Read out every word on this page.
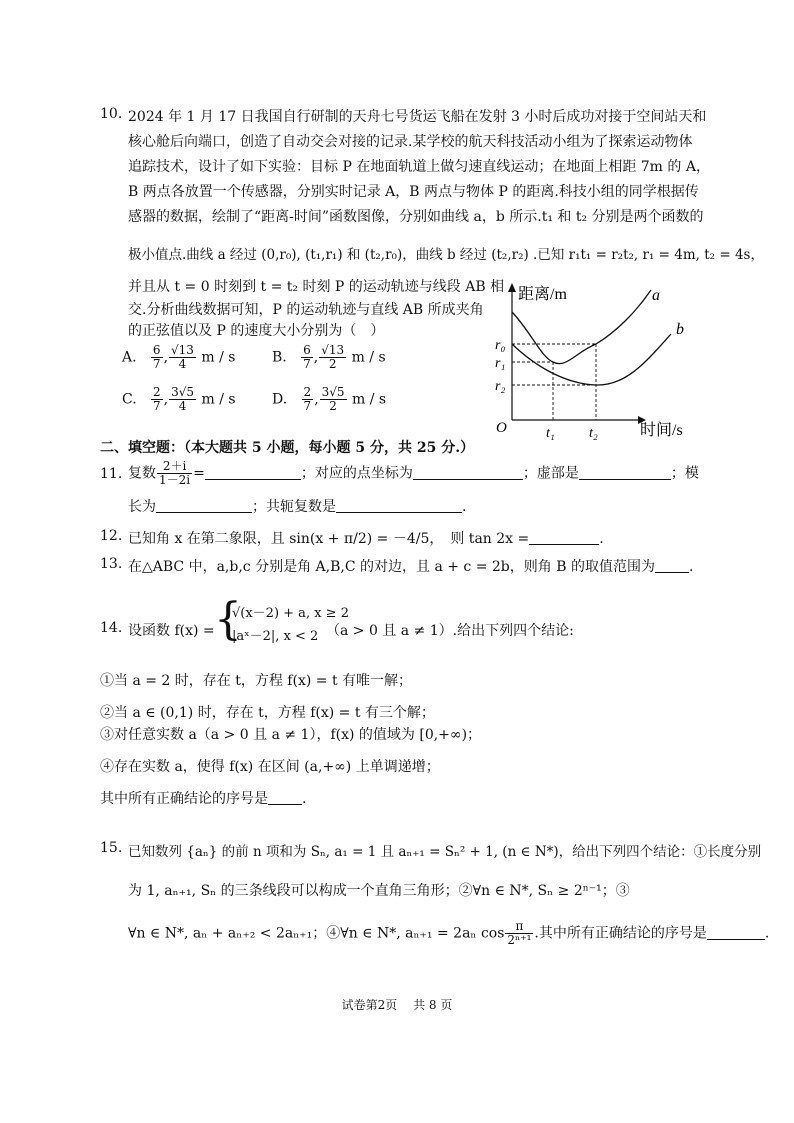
10. 2024 年 1 月 17 日我国自行研制的天舟七号货运飞船在发射 3 小时后成功对接于空间站天和
核心舱后向端口，创造了自动交会对接的记录.某学校的航天科技活动小组为了探索运动物体
追踪技术，设计了如下实验：目标 P 在地面轨道上做匀速直线运动；在地面上相距 7m 的 A，
B 两点各放置一个传感器，分别实时记录 A，B 两点与物体 P 的距离.科技小组的同学根据传
感器的数据，绘制了“距离-时间”函数图像，分别如曲线 a，b 所示.t₁ 和 t₂ 分别是两个函数的
极小值点.曲线 a 经过 (0,r₀), (t₁,r₁) 和 (t₂,r₀)，曲线 b 经过 (t₂,r₂) .已知 r₁t₁ = r₂t₂, r₁ = 4m, t₂ = 4s，
并且从 t = 0 时刻到 t = t₂ 时刻 P 的运动轨迹与线段 AB 相
交.分析曲线数据可知，P 的运动轨迹与直线 AB 所成夹角
的正弦值以及 P 的速度大小分别为（　）
A. $\frac{6}{7}$ , $\frac{√13}{4}$ m / s	B. $\frac{6}{7}$ , $\frac{√13}{2}$ m / s
C. $\frac{2}{7}$ , $\frac{3√5}{4}$ m / s	D. $\frac{2}{7}$ , $\frac{3√5}{2}$ m / s
距离/m
时间/s
O
a
b
r₀
r₁
r₂
t₁ t₂
二、填空题：（本大题共 5 小题，每小题 5 分，共 25 分.）
11. 复数 $\frac{2+i}{1-2i}$ =	；对应的点坐标为	；虚部是	；模
长为	；共轭复数是	.
12. 已知角 x 在第二象限，且 sin(x + π/2) = －4/5，　则 tan 2x =	.
13. 在△ABC 中，a,b,c 分别是角 A,B,C 的对边，且 a + c = 2b，则角 B 的取值范围为 .
14. 设函数 f(x) = {
√(x－2) + a, x ≥ 2
|aˣ－2|, x < 2 （a > 0 且 a ≠ 1）.给出下列四个结论:
①当 a = 2 时，存在 t，方程 f(x) = t 有唯一解；
②当 a ∈ (0,1) 时，存在 t，方程 f(x) = t 有三个解；
③对任意实数 a（a > 0 且 a ≠ 1），f(x) 的值域为 [0,+∞)；
④存在实数 a，使得 f(x) 在区间 (a,+∞) 上单调递增；
其中所有正确结论的序号是 .
15. 已知数列 {aₙ} 的前 n 项和为 Sₙ, a₁ = 1 且 aₙ₊₁ = Sₙ² + 1, (n ∈ N*)，给出下列四个结论：①长度分别
为 1, aₙ₊₁, Sₙ 的三条线段可以构成一个直角三角形；②∀n ∈ N*, Sₙ ≥ 2ⁿ⁻¹；③
∀n ∈ N*, aₙ + aₙ₊₂ < 2aₙ₊₁；④∀n ∈ N*, aₙ₊₁ = 2aₙ $\cos \frac{\pi}{\text{2ⁿ⁺¹}}$ .其中所有正确结论的序号是	.
试卷第2页　 共 8 页
